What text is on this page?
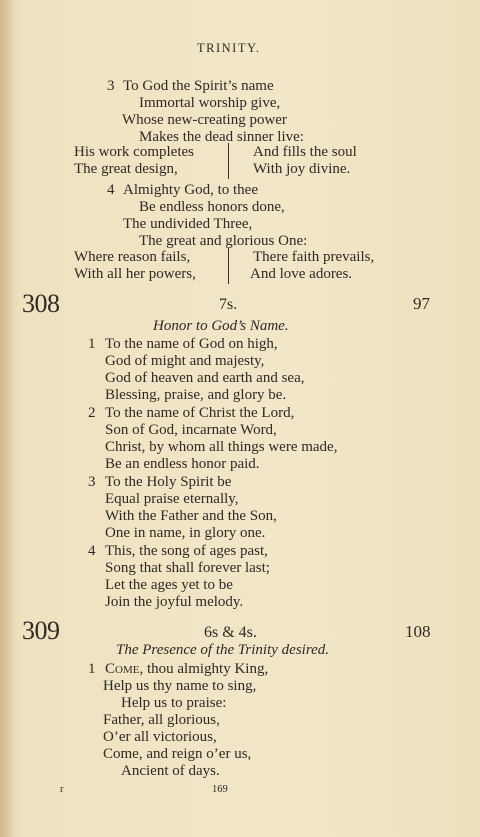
TRINITY.
3 To God the Spirit’s name
Immortal worship give,
Whose new-creating power
Makes the dead sinner live:
His work completes
The great design,
And fills the soul
With joy divine.
4 Almighty God, to thee
Be endless honors done,
The undivided Three,
The great and glorious One:
Where reason fails,
With all her powers,
There faith prevails,
And love adores.
308	7s.	97
Honor to God’s Name.
1 To the name of God on high,
God of might and majesty,
God of heaven and earth and sea,
Blessing, praise, and glory be.
2 To the name of Christ the Lord,
Son of God, incarnate Word,
Christ, by whom all things were made,
Be an endless honor paid.
3 To the Holy Spirit be
Equal praise eternally,
With the Father and the Son,
One in name, in glory one.
4 This, the song of ages past,
Song that shall forever last;
Let the ages yet to be
Join the joyful melody.
309	6s & 4s.	108
The Presence of the Trinity desired.
1 Come, thou almighty King,
Help us thy name to sing,
Help us to praise:
Father, all glorious,
O’er all victorious,
Come, and reign o’er us,
Ancient of days.
r	169
